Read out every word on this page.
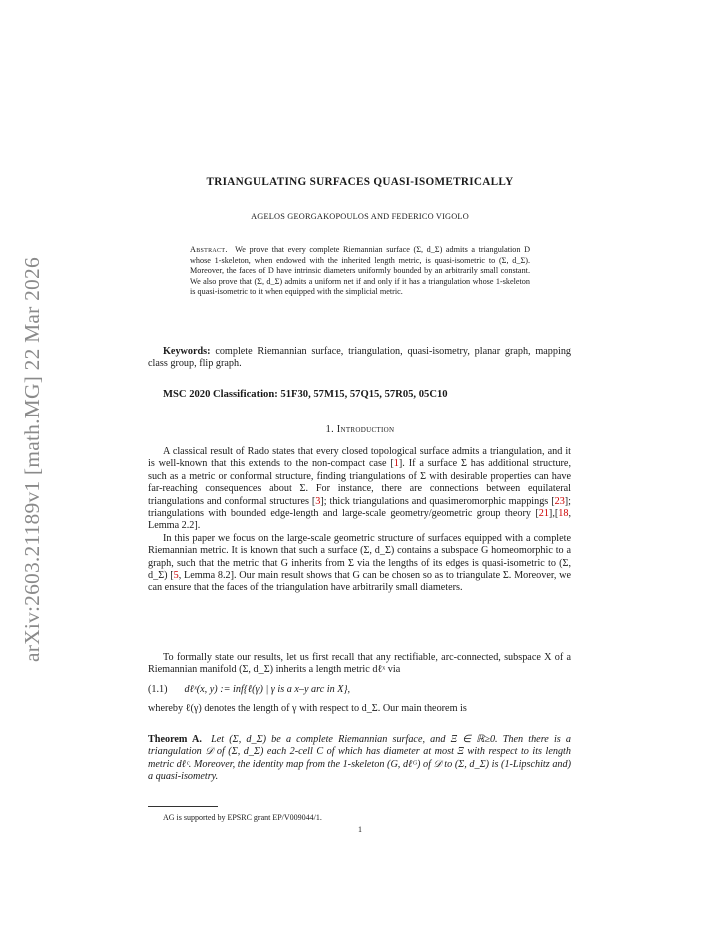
arXiv:2603.21189v1 [math.MG] 22 Mar 2026
TRIANGULATING SURFACES QUASI-ISOMETRICALLY
AGELOS GEORGAKOPOULOS AND FEDERICO VIGOLO
Abstract. We prove that every complete Riemannian surface (Σ, d_Σ) admits a triangulation D whose 1-skeleton, when endowed with the inherited length metric, is quasi-isometric to (Σ, d_Σ). Moreover, the faces of D have intrinsic diameters uniformly bounded by an arbitrarily small constant. We also prove that (Σ, d_Σ) admits a uniform net if and only if it has a triangulation whose 1-skeleton is quasi-isometric to it when equipped with the simplicial metric.

Keywords: complete Riemannian surface, triangulation, quasi-isometry, planar graph, mapping class group, flip graph.

MSC 2020 Classification: 51F30, 57M15, 57Q15, 57R05, 05C10
1. Introduction

A classical result of Rado states that every closed topological surface admits a triangulation, and it is well-known that this extends to the non-compact case [1]. If a surface Σ has additional structure, such as a metric or conformal structure, finding triangulations of Σ with desirable properties can have far-reaching consequences about Σ. For instance, there are connections between equilateral triangulations and conformal structures [3]; thick triangulations and quasimeromorphic mappings [23]; triangulations with bounded edge-length and large-scale geometry/geometric group theory [21],[18, Lemma 2.2].

In this paper we focus on the large-scale geometric structure of surfaces equipped with a complete Riemannian metric. It is known that such a surface (Σ, d_Σ) contains a subspace G homeomorphic to a graph, such that the metric that G inherits from Σ via the lengths of its edges is quasi-isometric to (Σ, d_Σ) [5, Lemma 8.2]. Our main result shows that G can be chosen so as to triangulate Σ. Moreover, we can ensure that the faces of the triangulation have arbitrarily small diameters.

To formally state our results, let us first recall that any rectifiable, arc-connected, subspace X of a Riemannian manifold (Σ, d_Σ) inherits a length metric dℓˣ via

(1.1) dℓˣ(x, y) := inf{ℓ(γ) | γ is a x–y arc in X},

whereby ℓ(γ) denotes the length of γ with respect to d_Σ. Our main theorem is

Theorem A. Let (Σ, d_Σ) be a complete Riemannian surface, and Ξ ∈ ℝ≥0. Then there is a triangulation 𝒟 of (Σ, d_Σ) each 2-cell C of which has diameter at most Ξ with respect to its length metric dℓᶜ. Moreover, the identity map from the 1-skeleton (G, dℓᴳ) of 𝒟 to (Σ, d_Σ) is (1-Lipschitz and) a quasi-isometry.

AG is supported by EPSRC grant EP/V009044/1.
1
